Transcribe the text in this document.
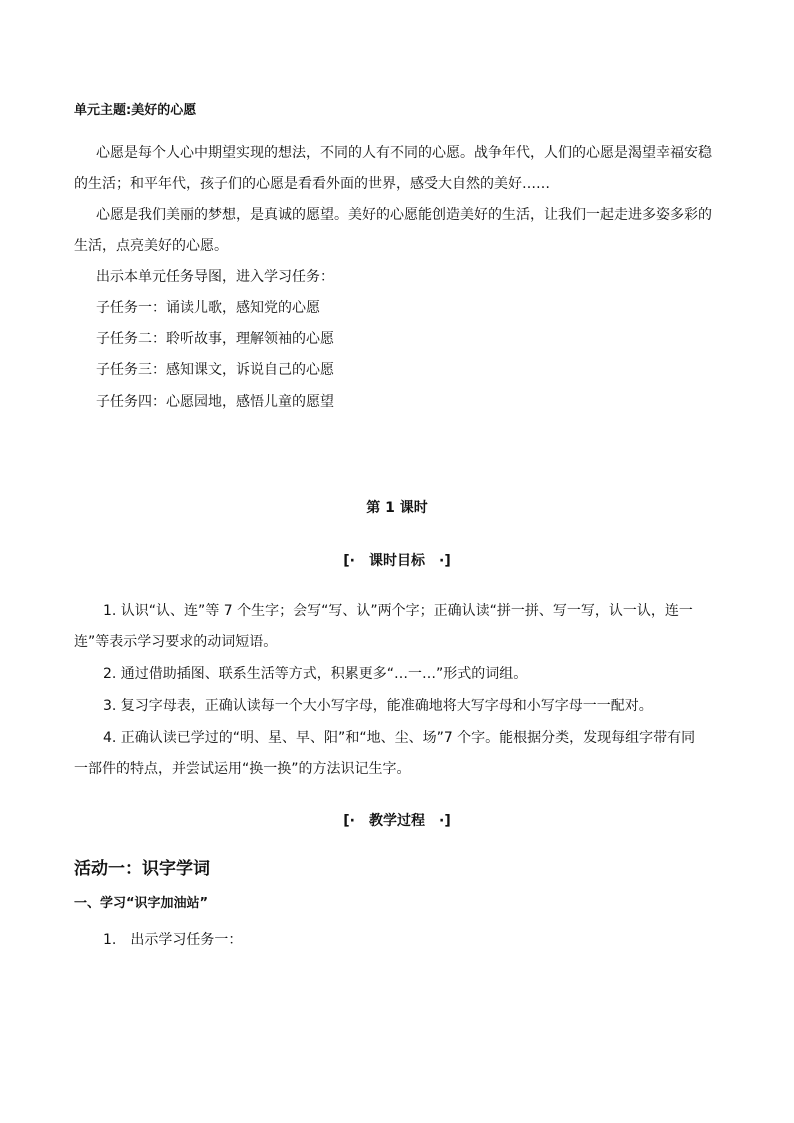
单元主题:美好的心愿
心愿是每个人心中期望实现的想法，不同的人有不同的心愿。战争年代，人们的心愿是渴望幸福安稳
的生活；和平年代，孩子们的心愿是看看外面的世界，感受大自然的美好……
心愿是我们美丽的梦想，是真诚的愿望。美好的心愿能创造美好的生活，让我们一起走进多姿多彩的
生活，点亮美好的心愿。
出示本单元任务导图，进入学习任务：
子任务一：诵读儿歌，感知党的心愿
子任务二：聆听故事，理解领袖的心愿
子任务三：感知课文，诉说自己的心愿
子任务四：心愿园地，感悟儿童的愿望
第 1 课时
[·　课时目标　·]
1. 认识“认、连”等 7 个生字；会写“写、认”两个字；正确认读“拼一拼、写一写，认一认，连一
连”等表示学习要求的动词短语。
2. 通过借助插图、联系生活等方式，积累更多“…一…”形式的词组。
3. 复习字母表，正确认读每一个大小写字母，能准确地将大写字母和小写字母一一配对。
4. 正确认读已学过的“明、星、早、阳”和“地、尘、场”7 个字。能根据分类，发现每组字带有同
一部件的特点，并尝试运用“换一换”的方法识记生字。
[·　教学过程　·]
活动一：识字学词
一、学习“识字加油站”
1.　出示学习任务一：
